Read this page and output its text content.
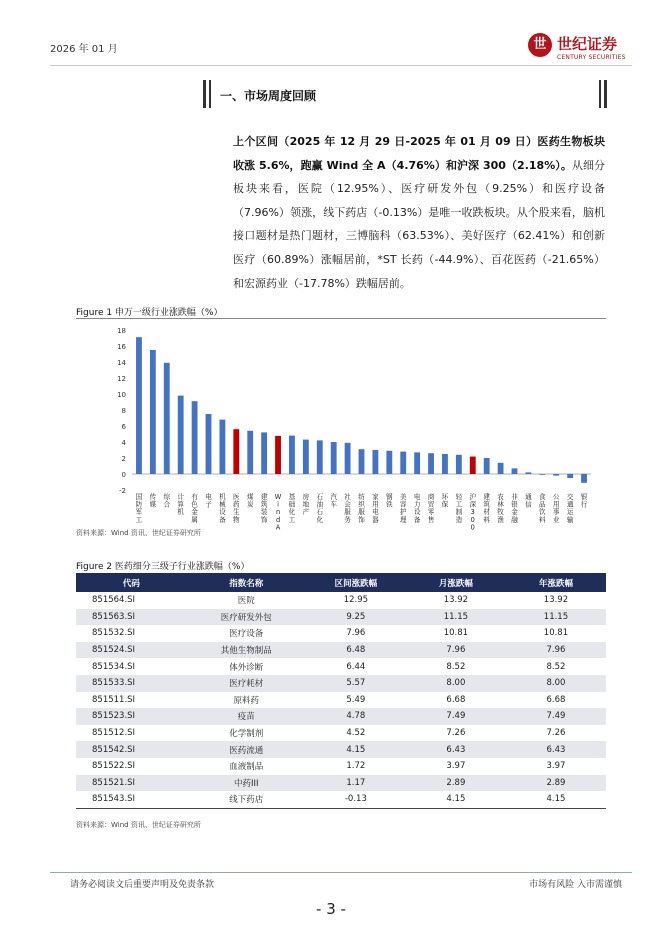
2026 年 01 月	世 世纪证券
CENTURY SECURITIES
一、市场周度回顾
上个区间（2025 年 12 月 29 日-2025 年 01 月 09 日）医药生物板块收涨 5.6%，跑赢 Wind 全 A（4.76%）和沪深 300（2.18%）。从细分板块来看，医院（12.95%）、医疗研发外包（9.25%）和医疗设备（7.96%）领涨，线下药店（-0.13%）是唯一收跌板块。从个股来看，脑机接口题材是热门题材，三博脑科（63.53%）、美好医疗（62.41%）和创新医疗（60.89%）涨幅居前，*ST 长药（-44.9%）、百花医药（-21.65%）和宏源药业（-17.78%）跌幅居前。
Figure 1 申万一级行业涨跌幅（%）
-2
0
2
4
6
8
10
12
14
16
18
国防军工
传媒
综合
计算机
有色金属
电子
机械设备
医药生物
煤炭
建筑装饰
W i n d A
基础化工
房地产
石油石化
汽车
社会服务
纺织服饰
家用电器
钢铁
美容护理
电力设备
商贸零售
环保
轻工制造
沪深 3 0 0
建筑材料
农林牧渔
非银金融
通信
食品饮料
公用事业
交通运输
银行
资料来源：Wind 资讯、世纪证券研究所
Figure 2 医药细分三级子行业涨跌幅（%）
代码	指数名称	区间涨跌幅	月涨跌幅	年涨跌幅
851564.SI	医院	12.95	13.92	13.92
851563.SI	医疗研发外包	9.25	11.15	11.15
851532.SI	医疗设备	7.96	10.81	10.81
851524.SI	其他生物制品	6.48	7.96	7.96
851534.SI	体外诊断	6.44	8.52	8.52
851533.SI	医疗耗材	5.57	8.00	8.00
851511.SI	原料药	5.49	6.68	6.68
851523.SI	疫苗	4.78	7.49	7.49
851512.SI	化学制剂	4.52	7.26	7.26
851542.SI	医药流通	4.15	6.43	6.43
851522.SI	血液制品	1.72	3.97	3.97
851521.SI	中药III	1.17	2.89	2.89
851543.SI	线下药店	-0.13	4.15	4.15
资料来源：Wind 资讯、世纪证券研究所
请务必阅读文后重要声明及免责条款	市场有风险 入市需谨慎
- 3 -
